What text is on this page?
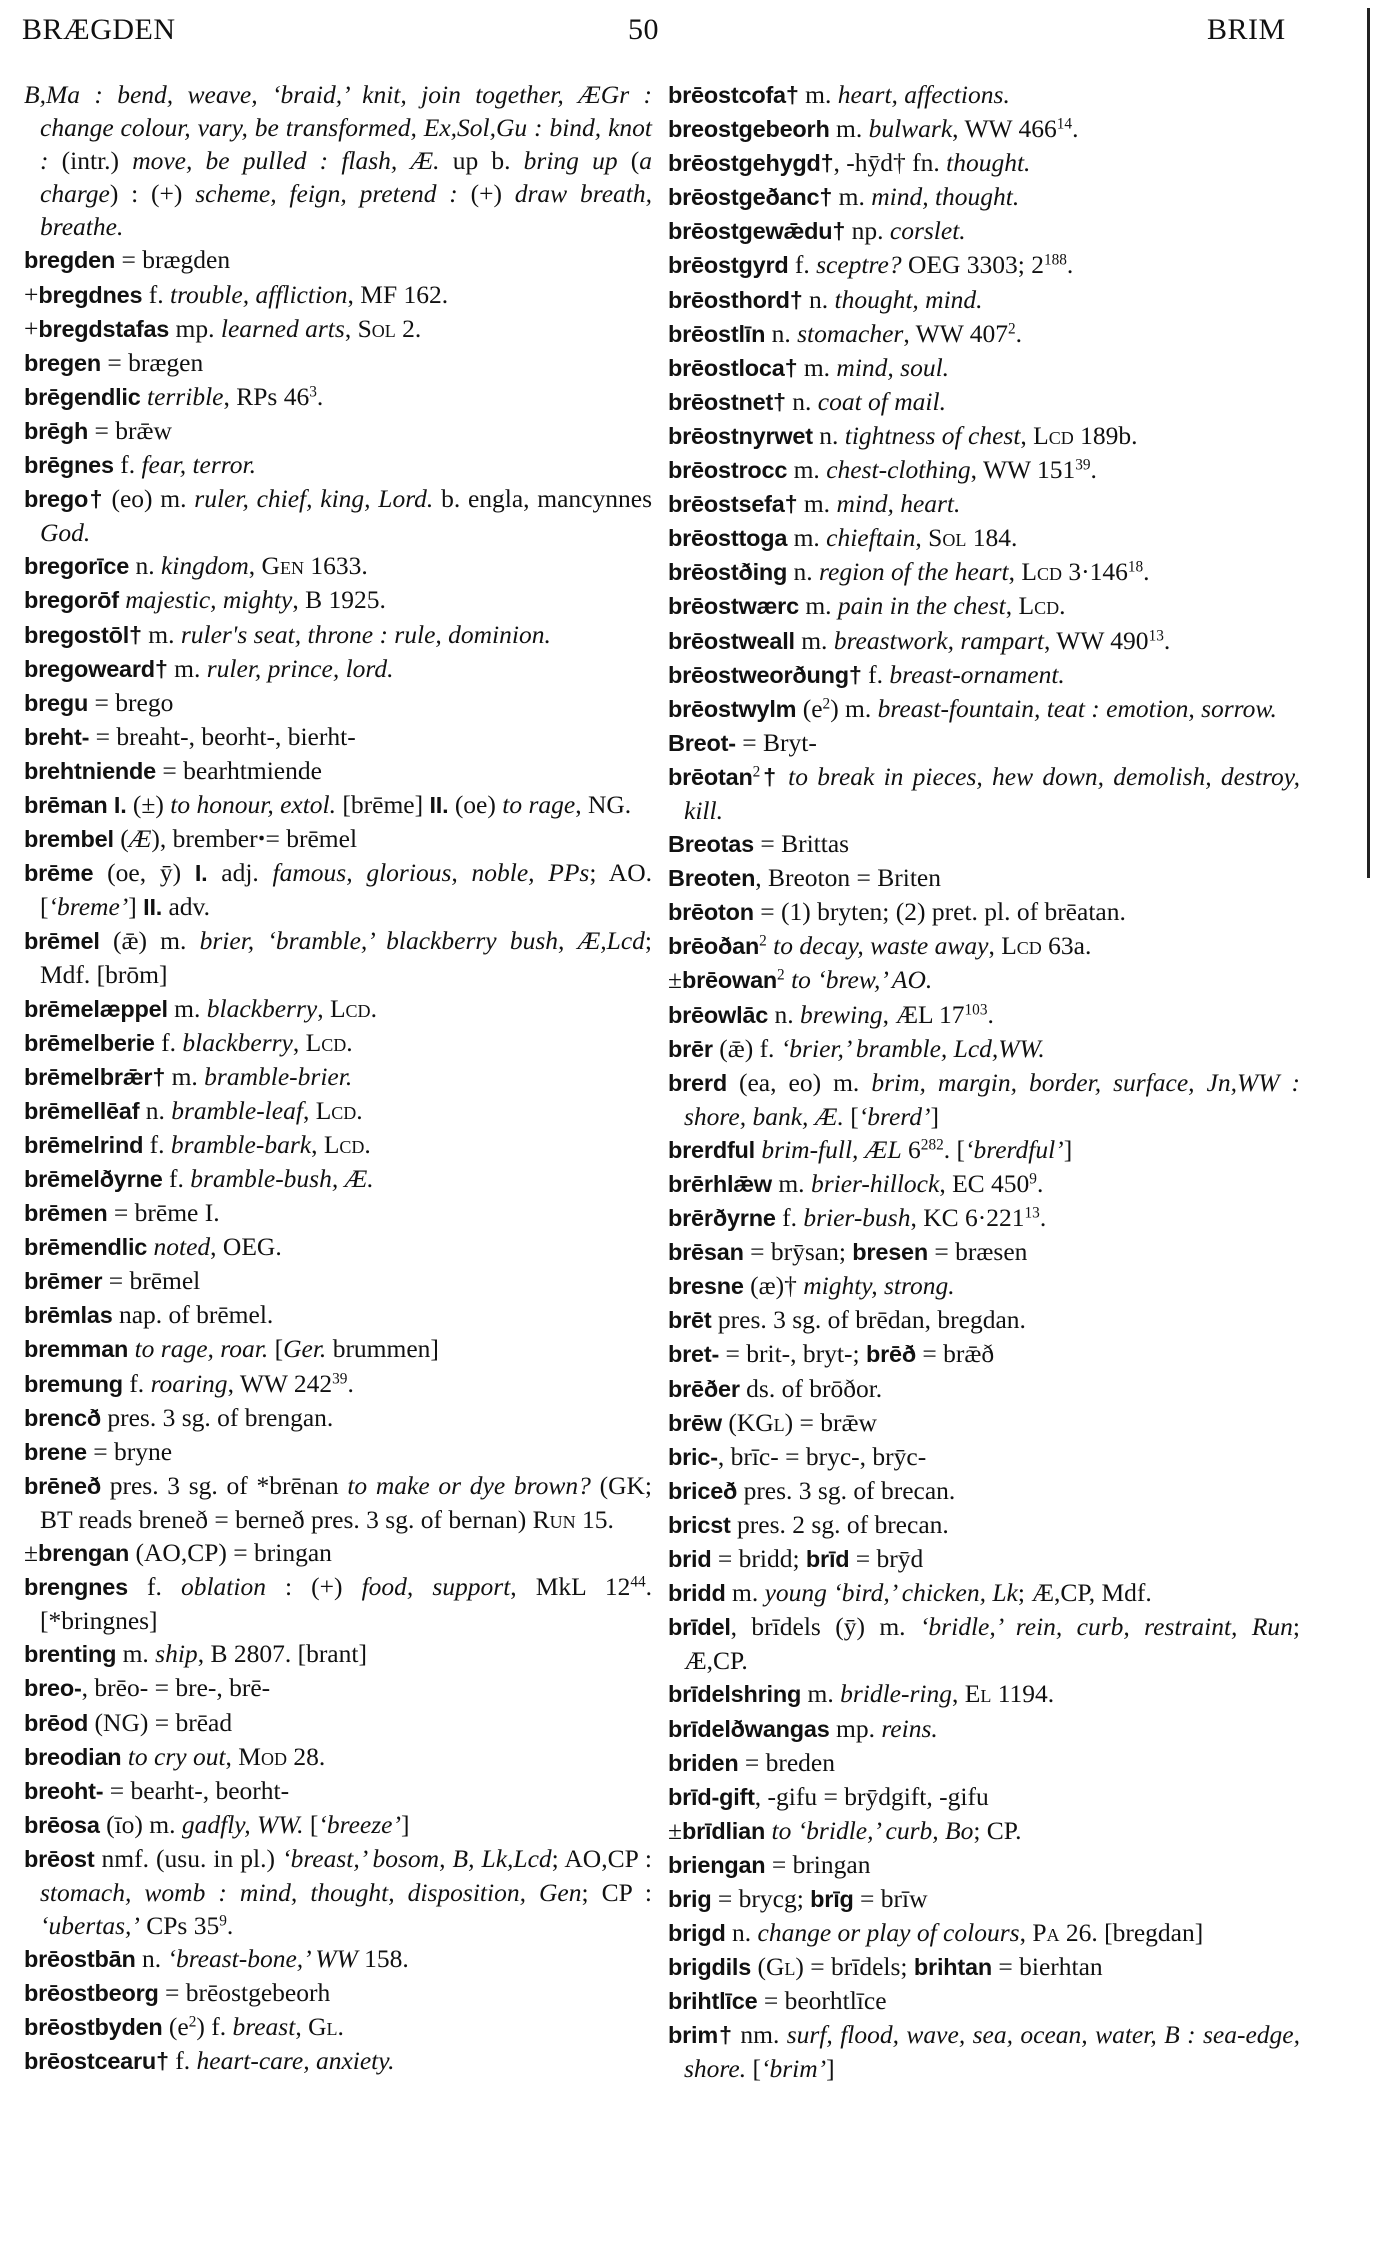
BRÆGDEN	50	BRIM

B,Ma : bend, weave, ‘braid,’ knit, join together, ÆGr : change colour, vary, be transformed, Ex,Sol,Gu : bind, knot : (intr.) move, be pulled : flash, Æ. up b. bring up (a charge) : (+) scheme, feign, pretend : (+) draw breath, breathe.

bregden = brægden

+bregdnes f. trouble, affliction, MF 162.

+bregdstafas mp. learned arts, Sol 2.

bregen = brægen

brēgendlic terrible, RPs $46^3$.

brēgh = brǣw

brēgnes f. fear, terror.

brego† (eo) m. ruler, chief, king, Lord. b. engla, mancynnes God.

bregorīce n. kingdom, Gen 1633.

bregorōf majestic, mighty, B 1925.

bregostōl† m. ruler's seat, throne : rule, dominion.

bregoweard† m. ruler, prince, lord.

bregu = brego

breht- = breaht-, beorht-, bierht-

brehtniende = bearhtmiende

brēman I. (±) to honour, extol. [brēme] II. (oe) to rage, NG.

brembel (Æ), bremberꞏ= brēmel

brēme (oe, ȳ) I. adj. famous, glorious, noble, PPs; AO. [‘breme’] II. adv.

brēmel (ǣ) m. brier, ‘bramble,’ blackberry bush, Æ,Lcd; Mdf. [brōm]

brēmelæppel m. blackberry, Lcd.

brēmelberie f. blackberry, Lcd.

brēmelbrǣr† m. bramble-brier.

brēmellēaf n. bramble-leaf, Lcd.

brēmelrind f. bramble-bark, Lcd.

brēmelðyrne f. bramble-bush, Æ.

brēmen = brēme I.

brēmendlic noted, OEG.

brēmer = brēmel

brēmlas nap. of brēmel.

bremman to rage, roar. [Ger. brummen]

bremung f. roaring, WW $242^{39}$.

brencð pres. 3 sg. of brengan.

brene = bryne

brēneð pres. 3 sg. of *brēnan to make or dye brown? (GK; BT reads breneð = berneð pres. 3 sg. of bernan) Run 15.

±brengan (AO,CP) = bringan

brengnes f. oblation : (+) food, support, MkL $12^{44}$. [*bringnes]

brenting m. ship, B 2807. [brant]

breo-, brēo- = bre-, brē-

brēod (NG) = brēad

breodian to cry out, Mod 28.

breoht- = bearht-, beorht-

brēosa (īo) m. gadfly, WW. [‘breeze’]

brēost nmf. (usu. in pl.) ‘breast,’ bosom, B, Lk,Lcd; AO,CP : stomach, womb : mind, thought, disposition, Gen; CP : ‘ubertas,’ CPs $35^9$.

brēostbān n. ‘breast-bone,’ WW 158.

brēostbeorg = brēostgebeorh

brēostbyden $(e^2)$ f. breast, Gl.

brēostcearu† f. heart-care, anxiety.

brēostcofa† m. heart, affections.

breostgebeorh m. bulwark, WW $466^{14}$.

brēostgehygd†, -hȳd† fn. thought.

brēostgeðanc† m. mind, thought.

brēostgewǣdu† np. corslet.

brēostgyrd f. sceptre? OEG 3303; $2^{188}$.

brēosthord† n. thought, mind.

brēostlīn n. stomacher, WW $407^2$.

brēostloca† m. mind, soul.

brēostnet† n. coat of mail.

brēostnyrwet n. tightness of chest, Lcd 189b.

brēostrocc m. chest-clothing, WW $151^{39}$.

brēostsefa† m. mind, heart.

brēosttoga m. chieftain, Sol 184.

brēostðing n. region of the heart, Lcd $3\cdot 146^{18}$.

brēostwærc m. pain in the chest, Lcd.

brēostweall m. breastwork, rampart, WW $490^{13}$.

brēostweorðung† f. breast-ornament.

brēostwylm $(e^2)$ m. breast-fountain, teat : emotion, sorrow.

Breot- = Bryt-

brēotan$^2$† to break in pieces, hew down, demolish, destroy, kill.

Breotas = Brittas

Breoten, Breoton = Briten

brēoton = (1) bryten; (2) pret. pl. of brēatan.

brēoðan$^2$ to decay, waste away, Lcd 63a.

±brēowan$^2$ to ‘brew,’ AO.

brēowlāc n. brewing, ÆL $17^{103}$.

brēr (ǣ) f. ‘brier,’ bramble, Lcd,WW.

brerd (ea, eo) m. brim, margin, border, surface, Jn,WW : shore, bank, Æ. [‘brerd’]

brerdful brim-full, ÆL $6^{282}$. [‘brerdful’]

brērhlǣw m. brier-hillock, EC $450^9$.

brērðyrne f. brier-bush, KC $6\cdot 221^{13}$.

brēsan = brȳsan; bresen = bræsen

bresne (æ)† mighty, strong.

brēt pres. 3 sg. of brēdan, bregdan.

bret- = brit-, bryt-; brēð = brǣð

brēðer ds. of brōðor.

brēw (KGl) = brǣw

bric-, brīc- = bryc-, brȳc-

briceð pres. 3 sg. of brecan.

bricst pres. 2 sg. of brecan.

brid = bridd; brīd = brȳd

bridd m. young ‘bird,’ chicken, Lk; Æ,CP, Mdf.

brīdel, brīdels (ȳ) m. ‘bridle,’ rein, curb, restraint, Run; Æ,CP.

brīdelshring m. bridle-ring, El 1194.

brīdelðwangas mp. reins.

briden = breden

brīd-gift, -gifu = brȳdgift, -gifu

±brīdlian to ‘bridle,’ curb, Bo; CP.

briengan = bringan

brig = brycg; brīg = brīw

brigd n. change or play of colours, Pa 26. [bregdan]

brigdils (Gl) = brīdels; brihtan = bierhtan

brihtlīce = beorhtlīce

brim† nm. surf, flood, wave, sea, ocean, water, B : sea-edge, shore. [‘brim’]
